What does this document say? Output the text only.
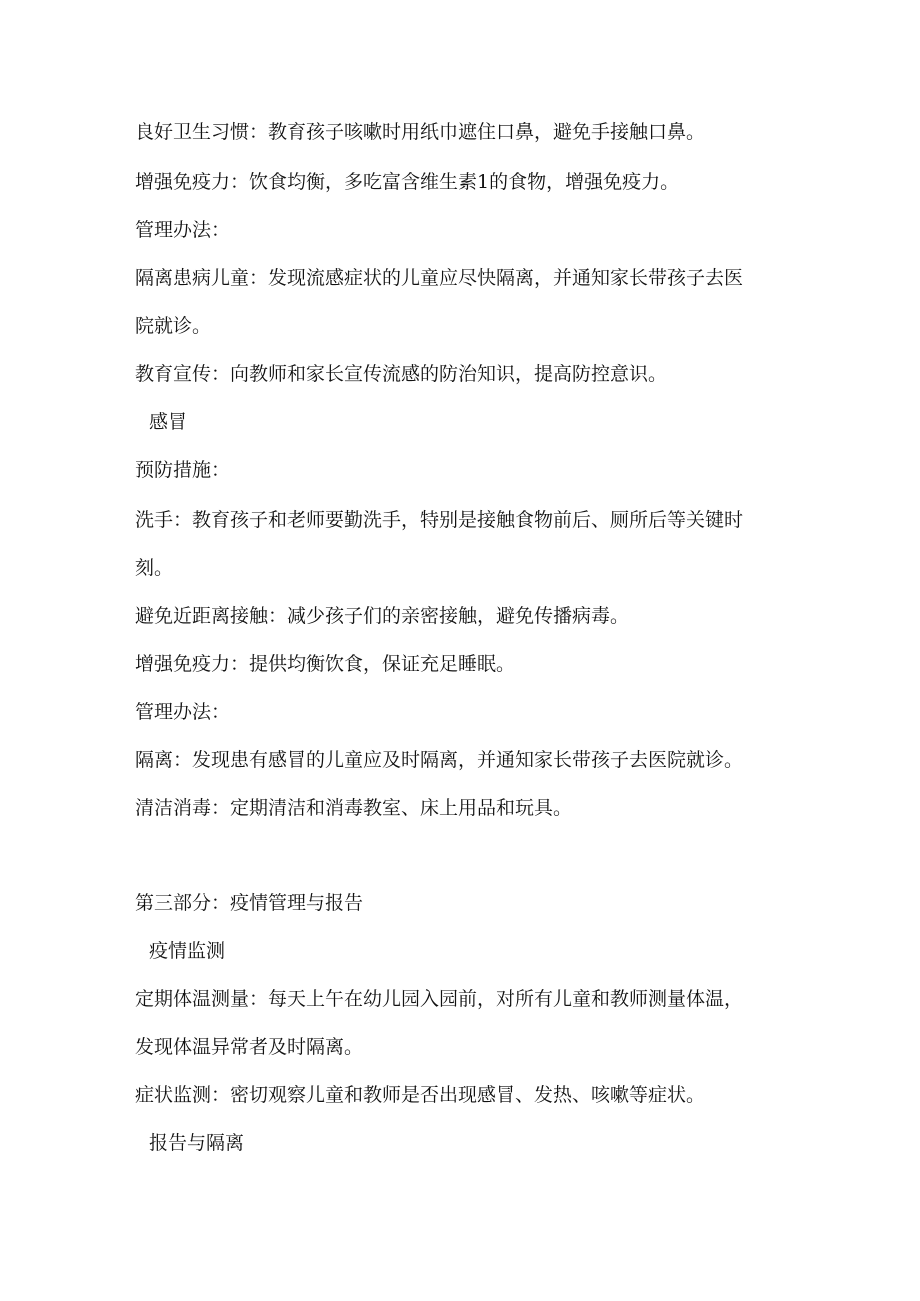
良好卫生习惯：教育孩子咳嗽时用纸巾遮住口鼻，避免手接触口鼻。

增强免疫力：饮食均衡，多吃富含维生素1的食物，增强免疫力。

管理办法：

隔离患病儿童：发现流感症状的儿童应尽快隔离，并通知家长带孩子去医

院就诊。

教育宣传：向教师和家长宣传流感的防治知识，提高防控意识。

感冒

预防措施：

洗手：教育孩子和老师要勤洗手，特别是接触食物前后、厕所后等关键时

刻。

避免近距离接触：减少孩子们的亲密接触，避免传播病毒。

增强免疫力：提供均衡饮食，保证充足睡眠。

管理办法：

隔离：发现患有感冒的儿童应及时隔离，并通知家长带孩子去医院就诊。

清洁消毒：定期清洁和消毒教室、床上用品和玩具。

第三部分：疫情管理与报告

疫情监测

定期体温测量：每天上午在幼儿园入园前，对所有儿童和教师测量体温，

发现体温异常者及时隔离。

症状监测：密切观察儿童和教师是否出现感冒、发热、咳嗽等症状。

报告与隔离
